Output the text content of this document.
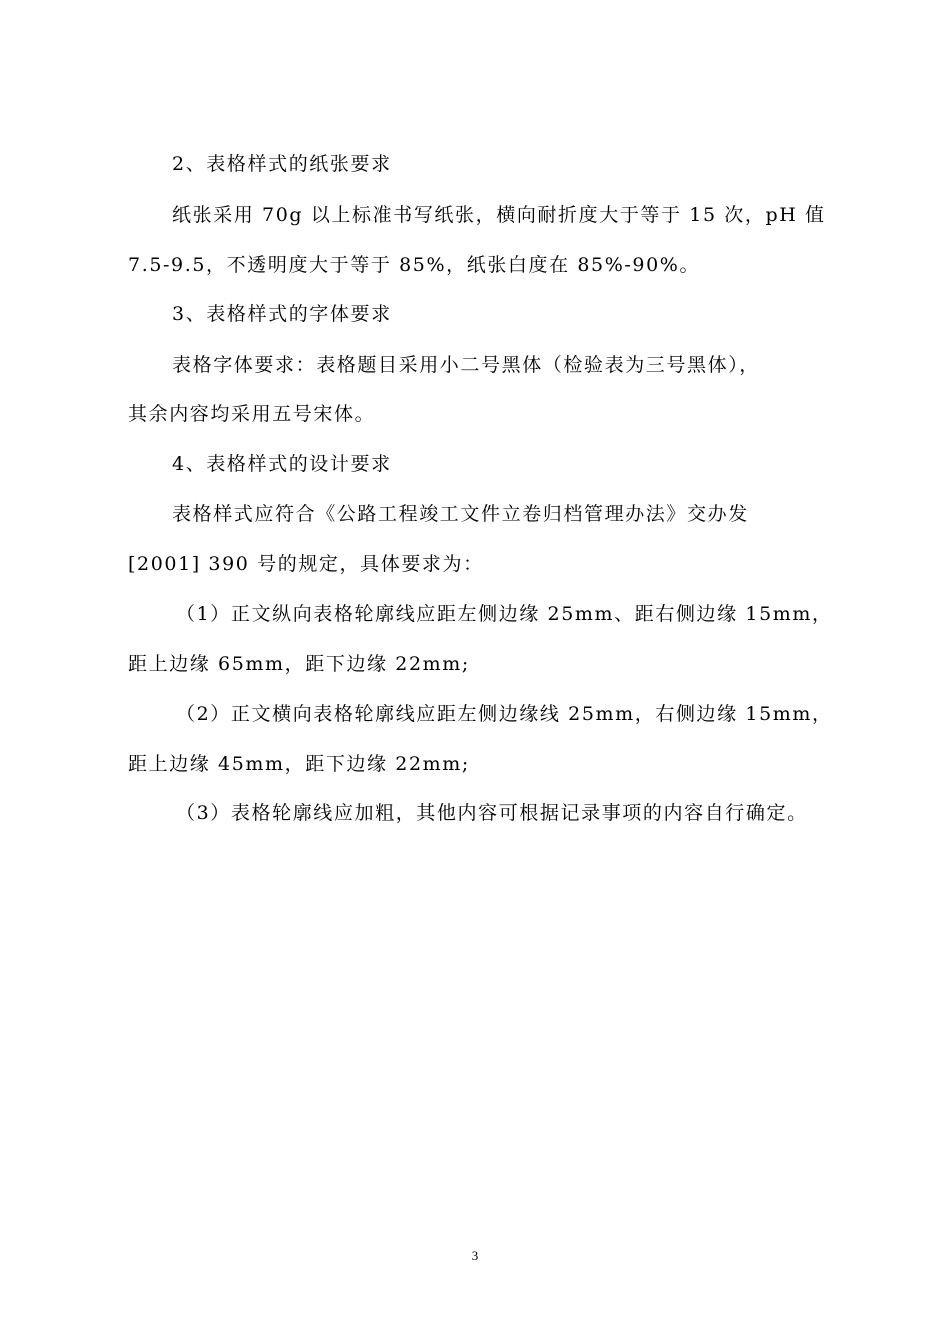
2、表格样式的纸张要求
纸张采用 70g 以上标准书写纸张，横向耐折度大于等于 15 次，pH 值
7.5-9.5，不透明度大于等于 85%，纸张白度在 85%-90%。
3、表格样式的字体要求
表格字体要求：表格题目采用小二号黑体（检验表为三号黑体），
其余内容均采用五号宋体。
4、表格样式的设计要求
表格样式应符合《公路工程竣工文件立卷归档管理办法》交办发
[2001] 390 号的规定，具体要求为：
（1）正文纵向表格轮廓线应距左侧边缘 25mm、距右侧边缘 15mm，
距上边缘 65mm，距下边缘 22mm;
（2）正文横向表格轮廓线应距左侧边缘线 25mm，右侧边缘 15mm，
距上边缘 45mm，距下边缘 22mm;
（3）表格轮廓线应加粗，其他内容可根据记录事项的内容自行确定。
3
